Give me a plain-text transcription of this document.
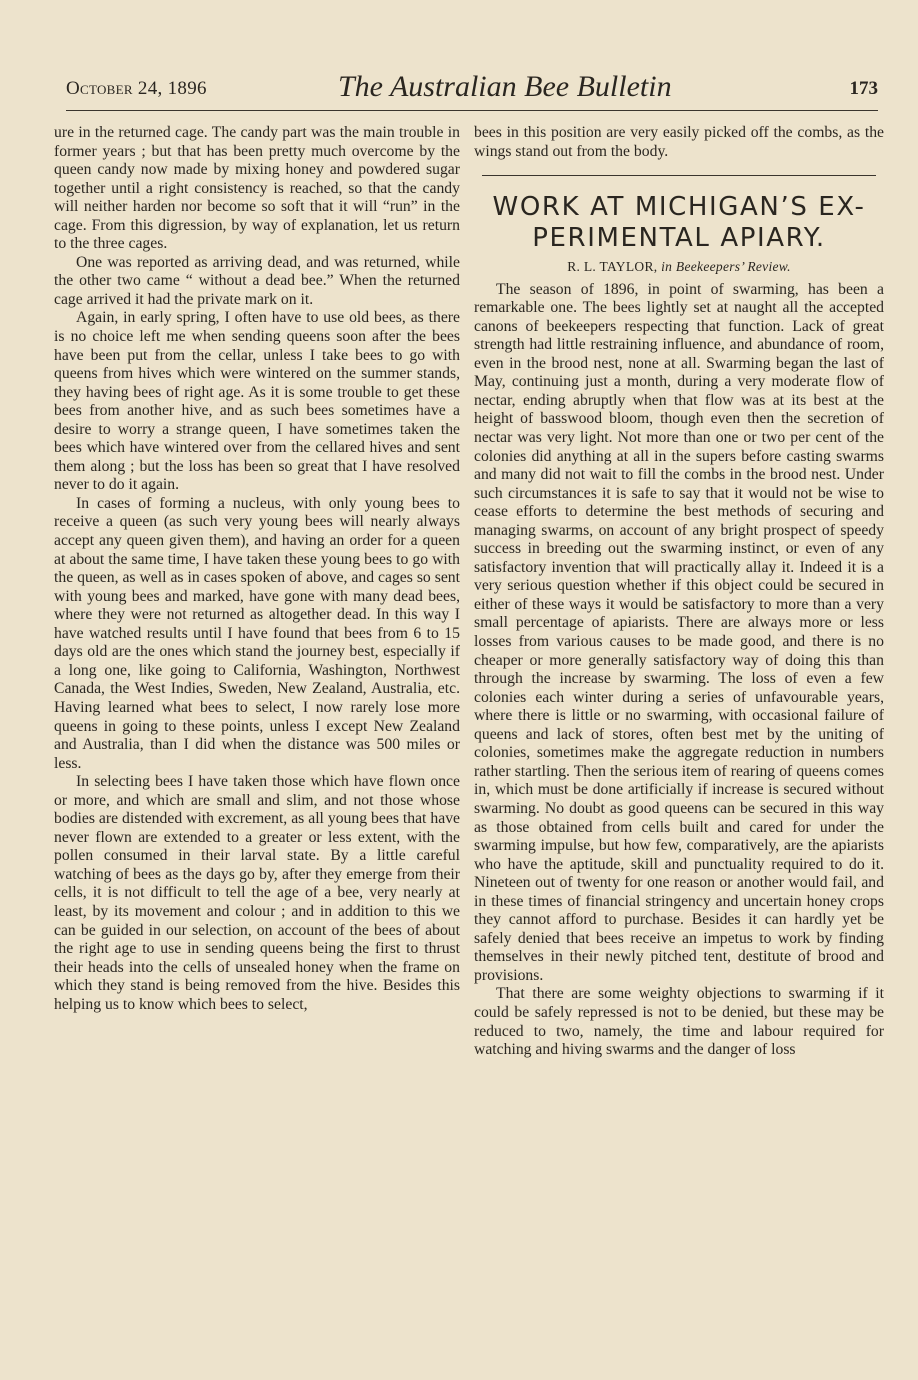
October 24, 1896	The Australian Bee Bulletin	173

ure in the returned cage. The candy part was the main trouble in former years ; but that has been pretty much overcome by the queen candy now made by mixing honey and powdered sugar together until a right consistency is reached, so that the candy will neither harden nor become so soft that it will “run” in the cage. From this digression, by way of explanation, let us return to the three cages.

One was reported as arriving dead, and was returned, while the other two came “ without a dead bee.” When the returned cage arrived it had the private mark on it.

Again, in early spring, I often have to use old bees, as there is no choice left me when sending queens soon after the bees have been put from the cellar, unless I take bees to go with queens from hives which were wintered on the summer stands, they having bees of right age. As it is some trouble to get these bees from another hive, and as such bees sometimes have a desire to worry a strange queen, I have sometimes taken the bees which have wintered over from the cellared hives and sent them along ; but the loss has been so great that I have resolved never to do it again.

In cases of forming a nucleus, with only young bees to receive a queen (as such very young bees will nearly always accept any queen given them), and having an order for a queen at about the same time, I have taken these young bees to go with the queen, as well as in cases spoken of above, and cages so sent with young bees and marked, have gone with many dead bees, where they were not returned as altogether dead. In this way I have watched results until I have found that bees from 6 to 15 days old are the ones which stand the journey best, especially if a long one, like going to California, Washington, Northwest Canada, the West Indies, Sweden, New Zealand, Australia, etc. Having learned what bees to select, I now rarely lose more queens in going to these points, unless I except New Zealand and Australia, than I did when the distance was 500 miles or less.

In selecting bees I have taken those which have flown once or more, and which are small and slim, and not those whose bodies are distended with excrement, as all young bees that have never flown are extended to a greater or less extent, with the pollen consumed in their larval state. By a little careful watching of bees as the days go by, after they emerge from their cells, it is not difficult to tell the age of a bee, very nearly at least, by its movement and colour ; and in addition to this we can be guided in our selection, on account of the bees of about the right age to use in sending queens being the first to thrust their heads into the cells of unsealed honey when the frame on which they stand is being removed from the hive. Besides this helping us to know which bees to select,

bees in this position are very easily picked off the combs, as the wings stand out from the body.

WORK AT MICHIGAN’S EX-
PERIMENTAL APIARY.
R. L. TAYLOR, in Beekeepers’ Review.

The season of 1896, in point of swarming, has been a remarkable one. The bees lightly set at naught all the accepted canons of beekeepers respecting that function. Lack of great strength had little restraining influence, and abundance of room, even in the brood nest, none at all. Swarming began the last of May, continuing just a month, during a very moderate flow of nectar, ending abruptly when that flow was at its best at the height of basswood bloom, though even then the secretion of nectar was very light. Not more than one or two per cent of the colonies did anything at all in the supers before casting swarms and many did not wait to fill the combs in the brood nest. Under such circumstances it is safe to say that it would not be wise to cease efforts to determine the best methods of securing and managing swarms, on account of any bright prospect of speedy success in breeding out the swarming instinct, or even of any satisfactory invention that will practically allay it. Indeed it is a very serious question whether if this object could be secured in either of these ways it would be satisfactory to more than a very small percentage of apiarists. There are always more or less losses from various causes to be made good, and there is no cheaper or more generally satisfactory way of doing this than through the increase by swarming. The loss of even a few colonies each winter during a series of unfavourable years, where there is little or no swarming, with occasional failure of queens and lack of stores, often best met by the uniting of colonies, sometimes make the aggregate reduction in numbers rather startling. Then the serious item of rearing of queens comes in, which must be done artificially if increase is secured without swarming. No doubt as good queens can be secured in this way as those obtained from cells built and cared for under the swarming impulse, but how few, comparatively, are the apiarists who have the aptitude, skill and punctuality required to do it. Nineteen out of twenty for one reason or another would fail, and in these times of financial stringency and uncertain honey crops they cannot afford to purchase. Besides it can hardly yet be safely denied that bees receive an impetus to work by finding themselves in their newly pitched tent, destitute of brood and provisions.

That there are some weighty objections to swarming if it could be safely repressed is not to be denied, but these may be reduced to two, namely, the time and labour required for watching and hiving swarms and the danger of loss
